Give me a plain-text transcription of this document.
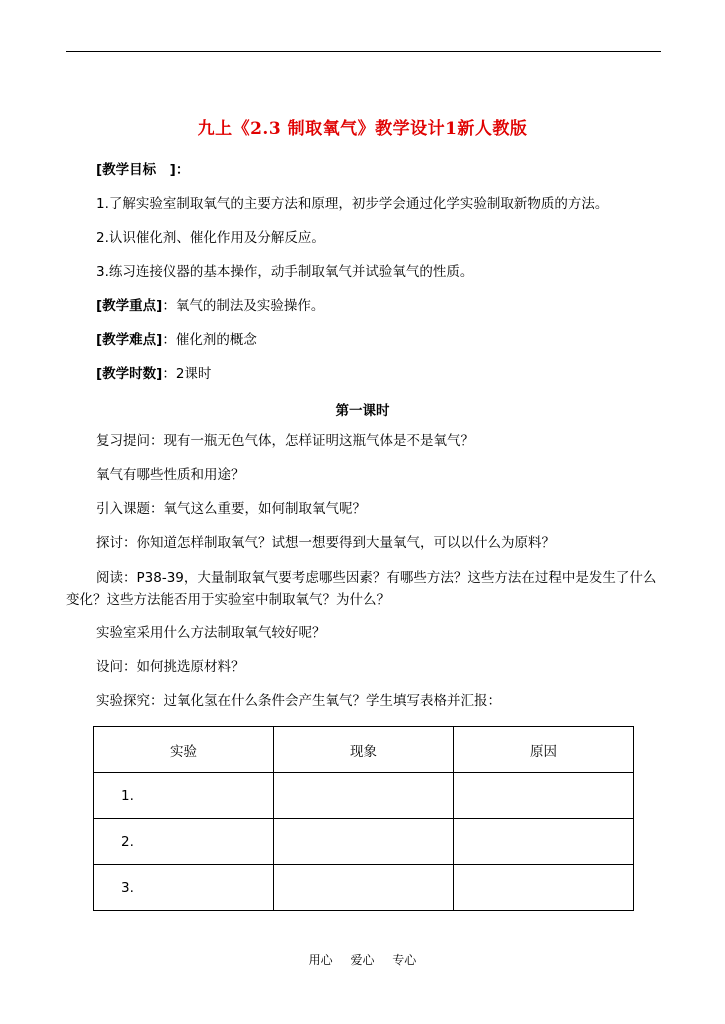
九上《2.3 制取氧气》教学设计1新人教版
[教学目标　]：
1.了解实验室制取氧气的主要方法和原理，初步学会通过化学实验制取新物质的方法。
2.认识催化剂、催化作用及分解反应。
3.练习连接仪器的基本操作，动手制取氧气并试验氧气的性质。
[教学重点]：氧气的制法及实验操作。
[教学难点]：催化剂的概念
[教学时数]：2课时
第一课时
复习提问：现有一瓶无色气体，怎样证明这瓶气体是不是氧气？
氧气有哪些性质和用途？
引入课题：氧气这么重要，如何制取氧气呢？
探讨：你知道怎样制取氧气？试想一想要得到大量氧气，可以以什么为原料？
阅读：P38-39，大量制取氧气要考虑哪些因素？有哪些方法？这些方法在过程中是发生了什么变化？这些方法能否用于实验室中制取氧气？为什么？
实验室采用什么方法制取氧气较好呢？
设问：如何挑选原材料？
实验探究：过氧化氢在什么条件会产生氧气？学生填写表格并汇报：
实验	现象	原因
1.		
2.		
3.		
用心 爱心 专心
